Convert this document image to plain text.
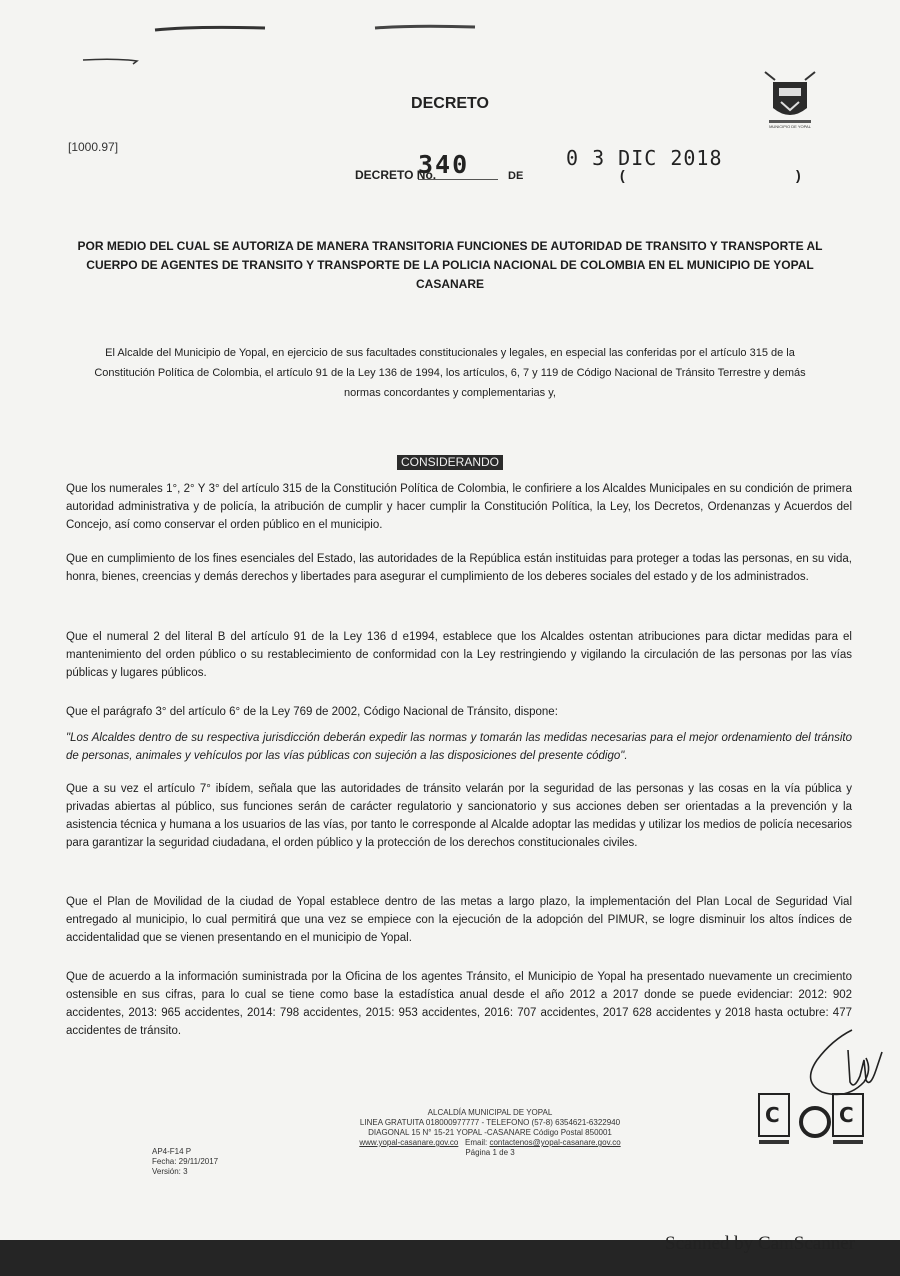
MUNICIPIO DE YOPAL
DECRETO
[1000.97]
DECRETO No.
340	DE
0 3 DIC 2018
(	)
POR MEDIO DEL CUAL SE AUTORIZA DE MANERA TRANSITORIA FUNCIONES DE AUTORIDAD DE TRANSITO Y TRANSPORTE AL CUERPO DE AGENTES DE TRANSITO Y TRANSPORTE DE LA POLICIA NACIONAL DE COLOMBIA EN EL MUNICIPIO DE YOPAL CASANARE
El Alcalde del Municipio de Yopal, en ejercicio de sus facultades constitucionales y legales, en especial las conferidas por el artículo 315 de la Constitución Política de Colombia, el artículo 91 de la Ley 136 de 1994, los artículos, 6, 7 y 119 de Código Nacional de Tránsito Terrestre y demás normas concordantes y complementarias y,
CONSIDERANDO
Que los numerales 1°, 2° Y 3° del artículo 315 de la Constitución Política de Colombia, le confiriere a los Alcaldes Municipales en su condición de primera autoridad administrativa y de policía, la atribución de cumplir y hacer cumplir la Constitución Política, la Ley, los Decretos, Ordenanzas y Acuerdos del Concejo, así como conservar el orden público en el municipio.
Que en cumplimiento de los fines esenciales del Estado, las autoridades de la República están instituidas para proteger a todas las personas, en su vida, honra, bienes, creencias y demás derechos y libertades para asegurar el cumplimiento de los deberes sociales del estado y de los administrados.
Que el numeral 2 del literal B del artículo 91 de la Ley 136 d e1994, establece que los Alcaldes ostentan atribuciones para dictar medidas para el mantenimiento del orden público o su restablecimiento de conformidad con la Ley restringiendo y vigilando la circulación de las personas por las vías públicas y lugares públicos.
Que el parágrafo 3° del artículo 6° de la Ley 769 de 2002, Código Nacional de Tránsito, dispone:
"Los Alcaldes dentro de su respectiva jurisdicción deberán expedir las normas y tomarán las medidas necesarias para el mejor ordenamiento del tránsito de personas, animales y vehículos por las vías públicas con sujeción a las disposiciones del presente código".
Que a su vez el artículo 7° ibídem, señala que las autoridades de tránsito velarán por la seguridad de las personas y las cosas en la vía pública y privadas abiertas al público, sus funciones serán de carácter regulatorio y sancionatorio y sus acciones deben ser orientadas a la prevención y la asistencia técnica y humana a los usuarios de las vías, por tanto le corresponde al Alcalde adoptar las medidas y utilizar los medios de policía necesarios para garantizar la seguridad ciudadana, el orden público y la protección de los derechos constitucionales civiles.
Que el Plan de Movilidad de la ciudad de Yopal establece dentro de las metas a largo plazo, la implementación del Plan Local de Seguridad Vial entregado al municipio, lo cual permitirá que una vez se empiece con la ejecución de la adopción del PIMUR, se logre disminuir los altos índices de accidentalidad que se vienen presentando en el municipio de Yopal.
Que de acuerdo a la información suministrada por la Oficina de los agentes Tránsito, el Municipio de Yopal ha presentado nuevamente un crecimiento ostensible en sus cifras, para lo cual se tiene como base la estadística anual desde el año 2012 a 2017 donde se puede evidenciar: 2012: 902 accidentes, 2013: 965 accidentes, 2014: 798 accidentes, 2015: 953 accidentes, 2016: 707 accidentes, 2017 628 accidentes y 2018 hasta octubre: 477 accidentes de tránsito.
AP4-F14 P
Fecha: 29/11/2017
Versión: 3
ALCALDÍA MUNICIPAL DE YOPAL
LINEA GRATUITA 018000977777 - TELEFONO (57-8) 6354621-6322940
DIAGONAL 15 N° 15-21 YOPAL -CASANARE Código Postal 850001
www.yopal-casanare.gov.co Email: contactenos@yopal-casanare.gov.co
Página 1 de 3
C	C
Scanned by CamScanner
